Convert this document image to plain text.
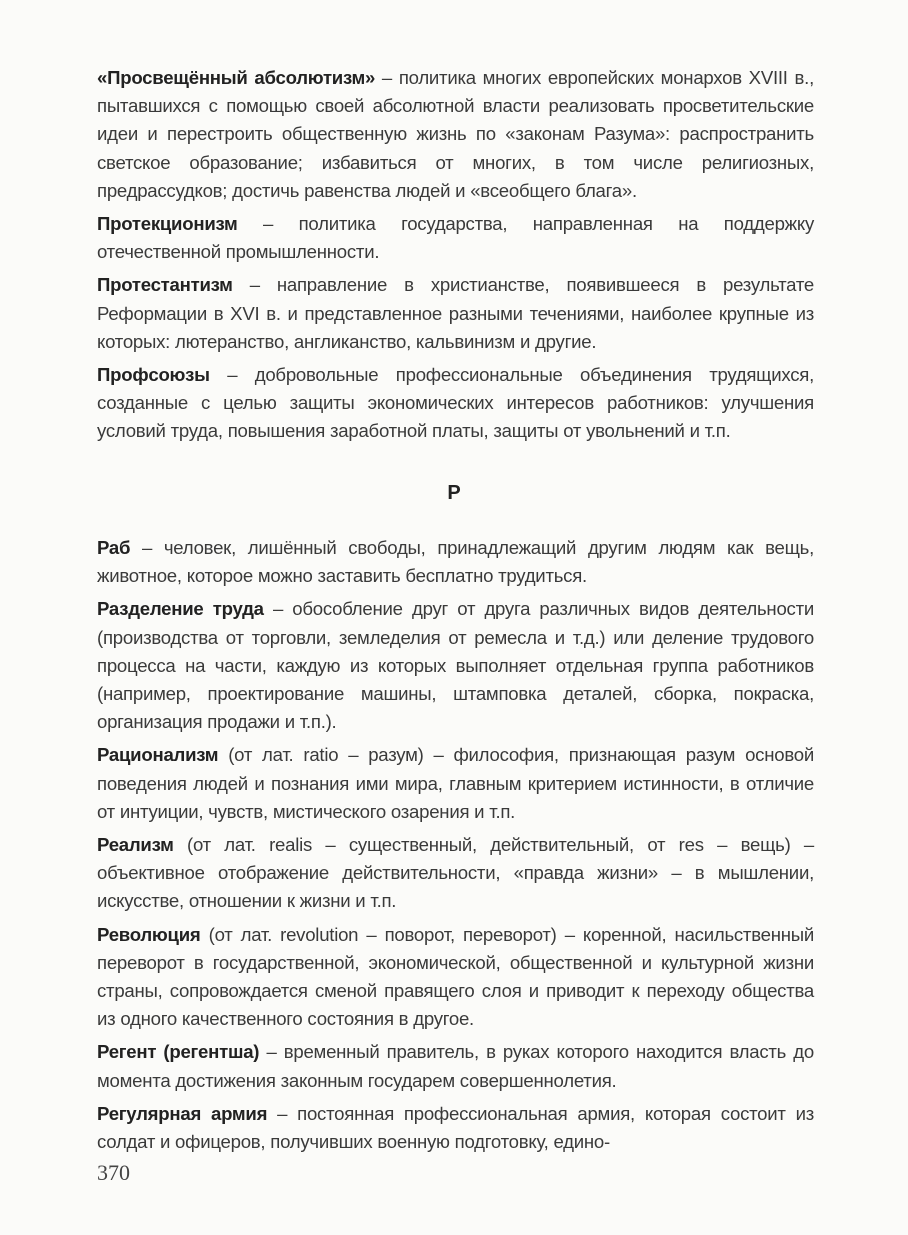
«Просвещённый абсолютизм» – политика многих европейских монархов XVIII в., пытавшихся с помощью своей абсолютной власти реализовать просветительские идеи и перестроить общественную жизнь по «законам Разума»: распространить светское образование; избавиться от многих, в том числе религиозных, предрассудков; достичь равенства людей и «всеобщего блага».

Протекционизм – политика государства, направленная на поддержку отечественной промышленности.

Протестантизм – направление в христианстве, появившееся в результате Реформации в XVI в. и представленное разными течениями, наиболее крупные из которых: лютеранство, англиканство, кальвинизм и другие.

Профсоюзы – добровольные профессиональные объединения трудящихся, созданные с целью защиты экономических интересов работников: улучшения условий труда, повышения заработной платы, защиты от увольнений и т.п.

Р

Раб – человек, лишённый свободы, принадлежащий другим людям как вещь, животное, которое можно заставить бесплатно трудиться.

Разделение труда – обособление друг от друга различных видов деятельности (производства от торговли, земледелия от ремесла и т.д.) или деление трудового процесса на части, каждую из которых выполняет отдельная группа работников (например, проектирование машины, штамповка деталей, сборка, покраска, организация продажи и т.п.).

Рационализм (от лат. ratio – разум) – философия, признающая разум основой поведения людей и познания ими мира, главным критерием истинности, в отличие от интуиции, чувств, мистического озарения и т.п.

Реализм (от лат. realis – существенный, действительный, от res – вещь) – объективное отображение действительности, «правда жизни» – в мышлении, искусстве, отношении к жизни и т.п.

Революция (от лат. revolution – поворот, переворот) – коренной, насильственный переворот в государственной, экономической, общественной и культурной жизни страны, сопровождается сменой правящего слоя и приводит к переходу общества из одного качественного состояния в другое.

Регент (регентша) – временный правитель, в руках которого находится власть до момента достижения законным государем совершеннолетия.

Регулярная армия – постоянная профессиональная армия, которая состоит из солдат и офицеров, получивших военную подготовку, едино-

370
